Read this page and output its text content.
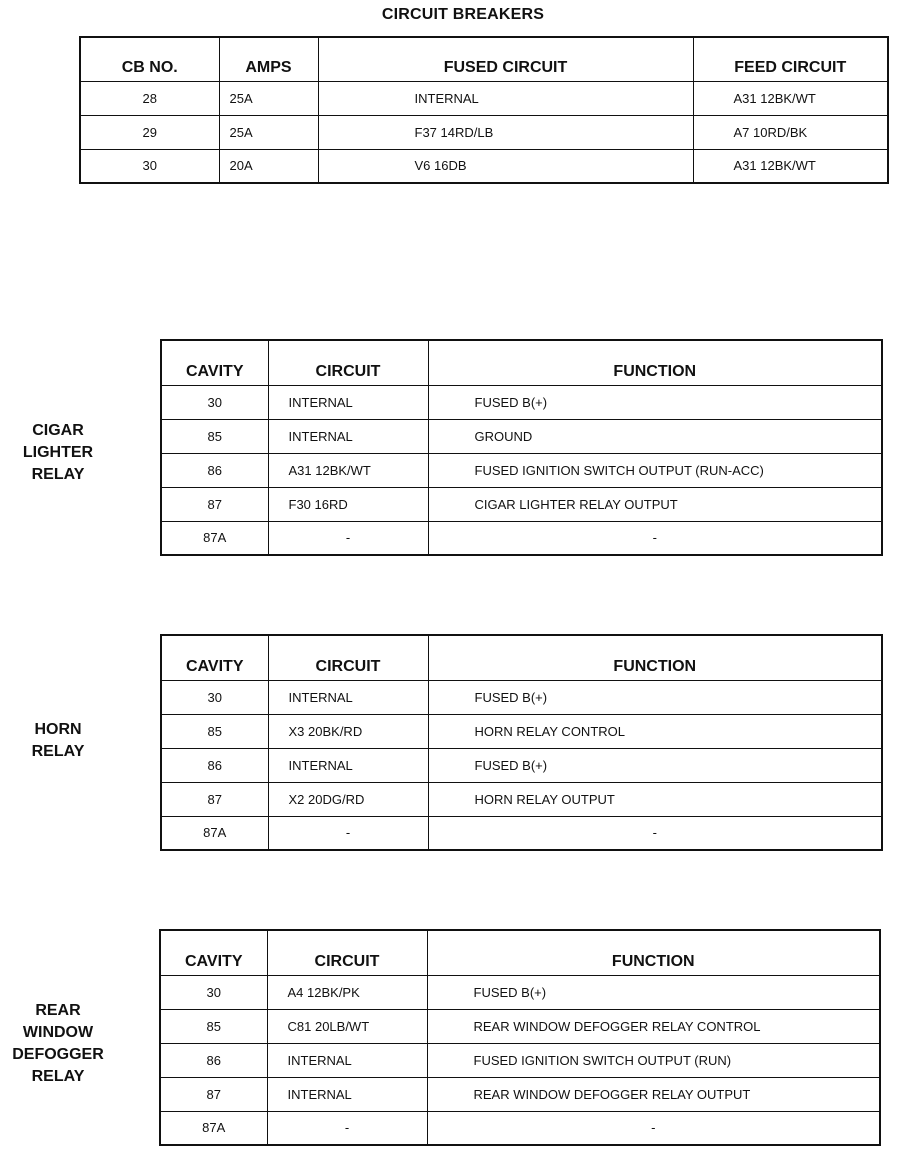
CIRCUIT BREAKERS
CB NO.	AMPS	FUSED CIRCUIT	FEED CIRCUIT
28	25A	INTERNAL	A31 12BK/WT
29	25A	F37 14RD/LB	A7 10RD/BK
30	20A	V6 16DB	A31 12BK/WT
CIGAR
LIGHTER
RELAY
CAVITY	CIRCUIT	FUNCTION
30	INTERNAL	FUSED B(+)
85	INTERNAL	GROUND
86	A31 12BK/WT	FUSED IGNITION SWITCH OUTPUT (RUN-ACC)
87	F30 16RD	CIGAR LIGHTER RELAY OUTPUT
87A	-	-
HORN
RELAY
CAVITY	CIRCUIT	FUNCTION
30	INTERNAL	FUSED B(+)
85	X3 20BK/RD	HORN RELAY CONTROL
86	INTERNAL	FUSED B(+)
87	X2 20DG/RD	HORN RELAY OUTPUT
87A	-	-
REAR
WINDOW
DEFOGGER
RELAY
CAVITY	CIRCUIT	FUNCTION
30	A4 12BK/PK	FUSED B(+)
85	C81 20LB/WT	REAR WINDOW DEFOGGER RELAY CONTROL
86	INTERNAL	FUSED IGNITION SWITCH OUTPUT (RUN)
87	INTERNAL	REAR WINDOW DEFOGGER RELAY OUTPUT
87A	-	-
